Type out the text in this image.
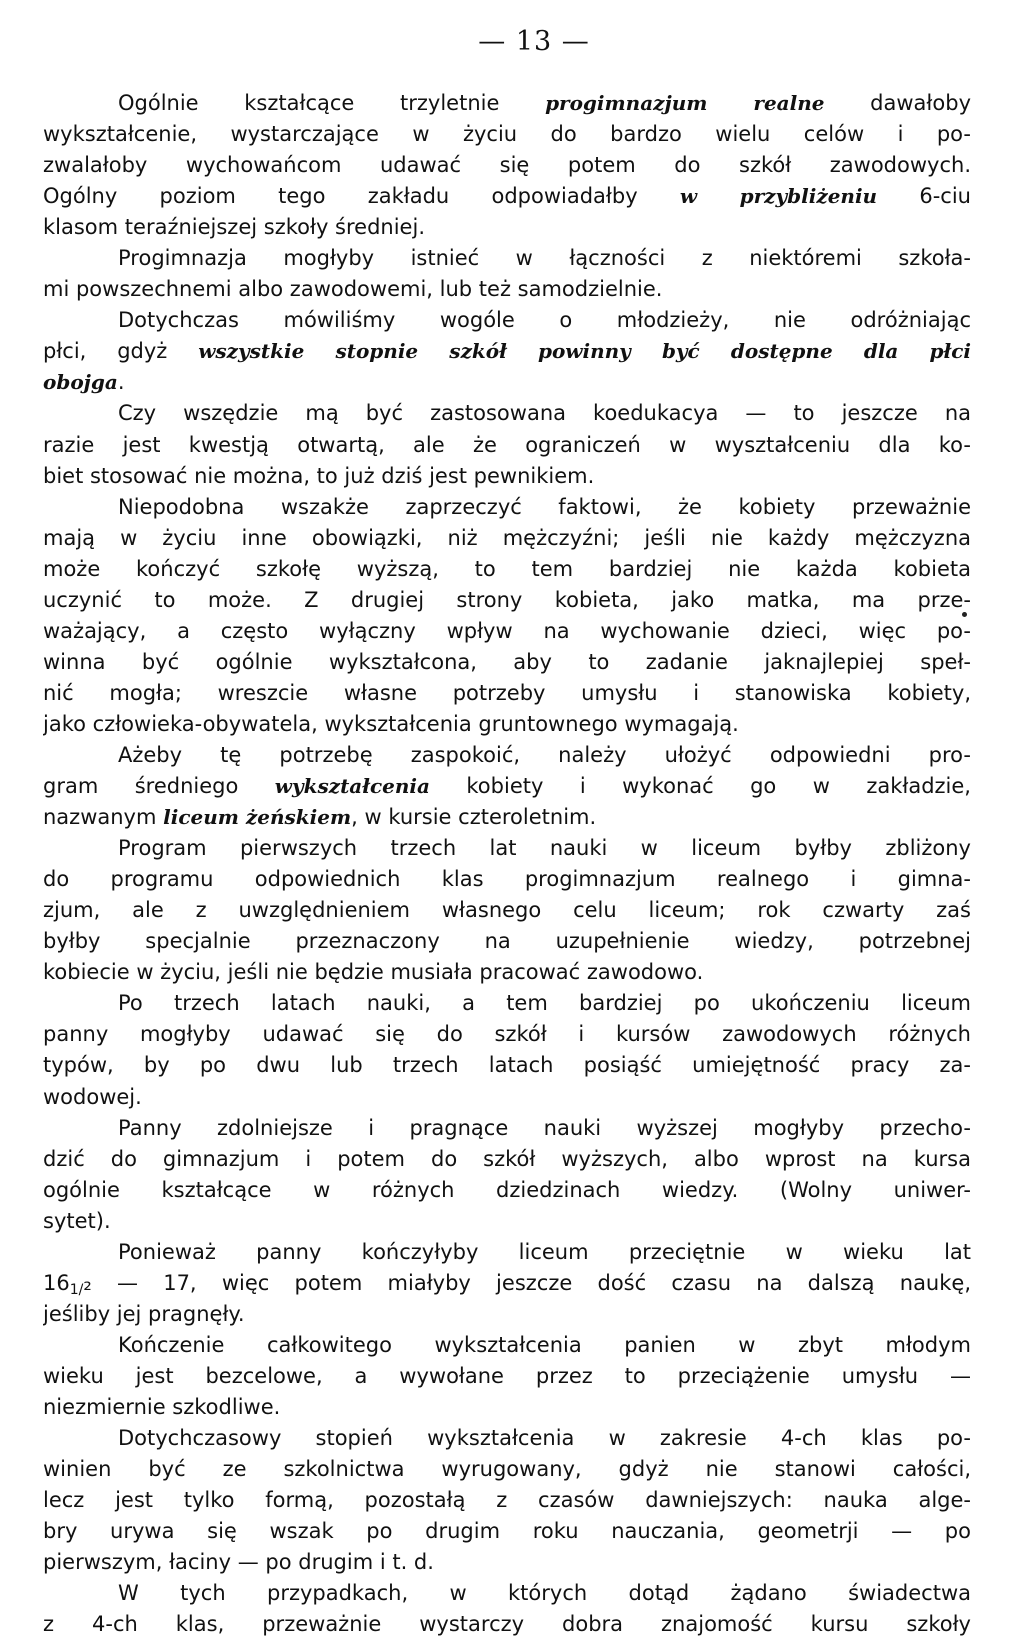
— 13 —
Ogólnie kształcące trzyletnie progimnazjum realne dawałoby
wykształcenie, wystarczające w życiu do bardzo wielu celów i po-
zwalałoby wychowańcom udawać się potem do szkół zawodowych.
Ogólny poziom tego zakładu odpowiadałby w przybliżeniu 6-ciu
klasom teraźniejszej szkoły średniej.
Progimnazja mogłyby istnieć w łączności z niektóremi szkoła-
mi powszechnemi albo zawodowemi, lub też samodzielnie.
Dotychczas mówiliśmy wogóle o młodzieży, nie odróżniając
płci, gdyż wszystkie stopnie szkół powinny być dostępne dla płci
obojga.
Czy wszędzie mą być zastosowana koedukacya — to jeszcze na
razie jest kwestją otwartą, ale że ograniczeń w wyształceniu dla ko-
biet stosować nie można, to już dziś jest pewnikiem.
Niepodobna wszakże zaprzeczyć faktowi, że kobiety przeważnie
mają w życiu inne obowiązki, niż mężczyźni; jeśli nie każdy mężczyzna
może kończyć szkołę wyższą, to tem bardziej nie każda kobieta
uczynić to może. Z drugiej strony kobieta, jako matka, ma prze-
ważający, a często wyłączny wpływ na wychowanie dzieci, więc po-
winna być ogólnie wykształcona, aby to zadanie jaknajlepiej speł-
nić mogła; wreszcie własne potrzeby umysłu i stanowiska kobiety,
jako człowieka-obywatela, wykształcenia gruntownego wymagają.
Ażeby tę potrzebę zaspokoić, należy ułożyć odpowiedni pro-
gram średniego wykształcenia kobiety i wykonać go w zakładzie,
nazwanym liceum żeńskiem, w kursie czteroletnim.
Program pierwszych trzech lat nauki w liceum byłby zbliżony
do programu odpowiednich klas progimnazjum realnego i gimna-
zjum, ale z uwzględnieniem własnego celu liceum; rok czwarty zaś
byłby specjalnie przeznaczony na uzupełnienie wiedzy, potrzebnej
kobiecie w życiu, jeśli nie będzie musiała pracować zawodowo.
Po trzech latach nauki, a tem bardziej po ukończeniu liceum
panny mogłyby udawać się do szkół i kursów zawodowych różnych
typów, by po dwu lub trzech latach posiąść umiejętność pracy za-
wodowej.
Panny zdolniejsze i pragnące nauki wyższej mogłyby przecho-
dzić do gimnazjum i potem do szkół wyższych, albo wprost na kursa
ogólnie kształcące w różnych dziedzinach wiedzy. (Wolny uniwer-
sytet).
Ponieważ panny kończyłyby liceum przeciętnie w wieku lat
$16_{1/}_2$ — 17, więc potem miałyby jeszcze dość czasu na dalszą naukę,
jeśliby jej pragnęły.
Kończenie całkowitego wykształcenia panien w zbyt młodym
wieku jest bezcelowe, a wywołane przez to przeciążenie umysłu —
niezmiernie szkodliwe.
Dotychczasowy stopień wykształcenia w zakresie 4-ch klas po-
winien być ze szkolnictwa wyrugowany, gdyż nie stanowi całości,
lecz jest tylko formą, pozostałą z czasów dawniejszych: nauka alge-
bry urywa się wszak po drugim roku nauczania, geometrji — po
pierwszym, łaciny — po drugim i t. d.
W tych przypadkach, w których dotąd żądano świadectwa
z 4-ch klas, przeważnie wystarczy dobra znajomość kursu szkoły
